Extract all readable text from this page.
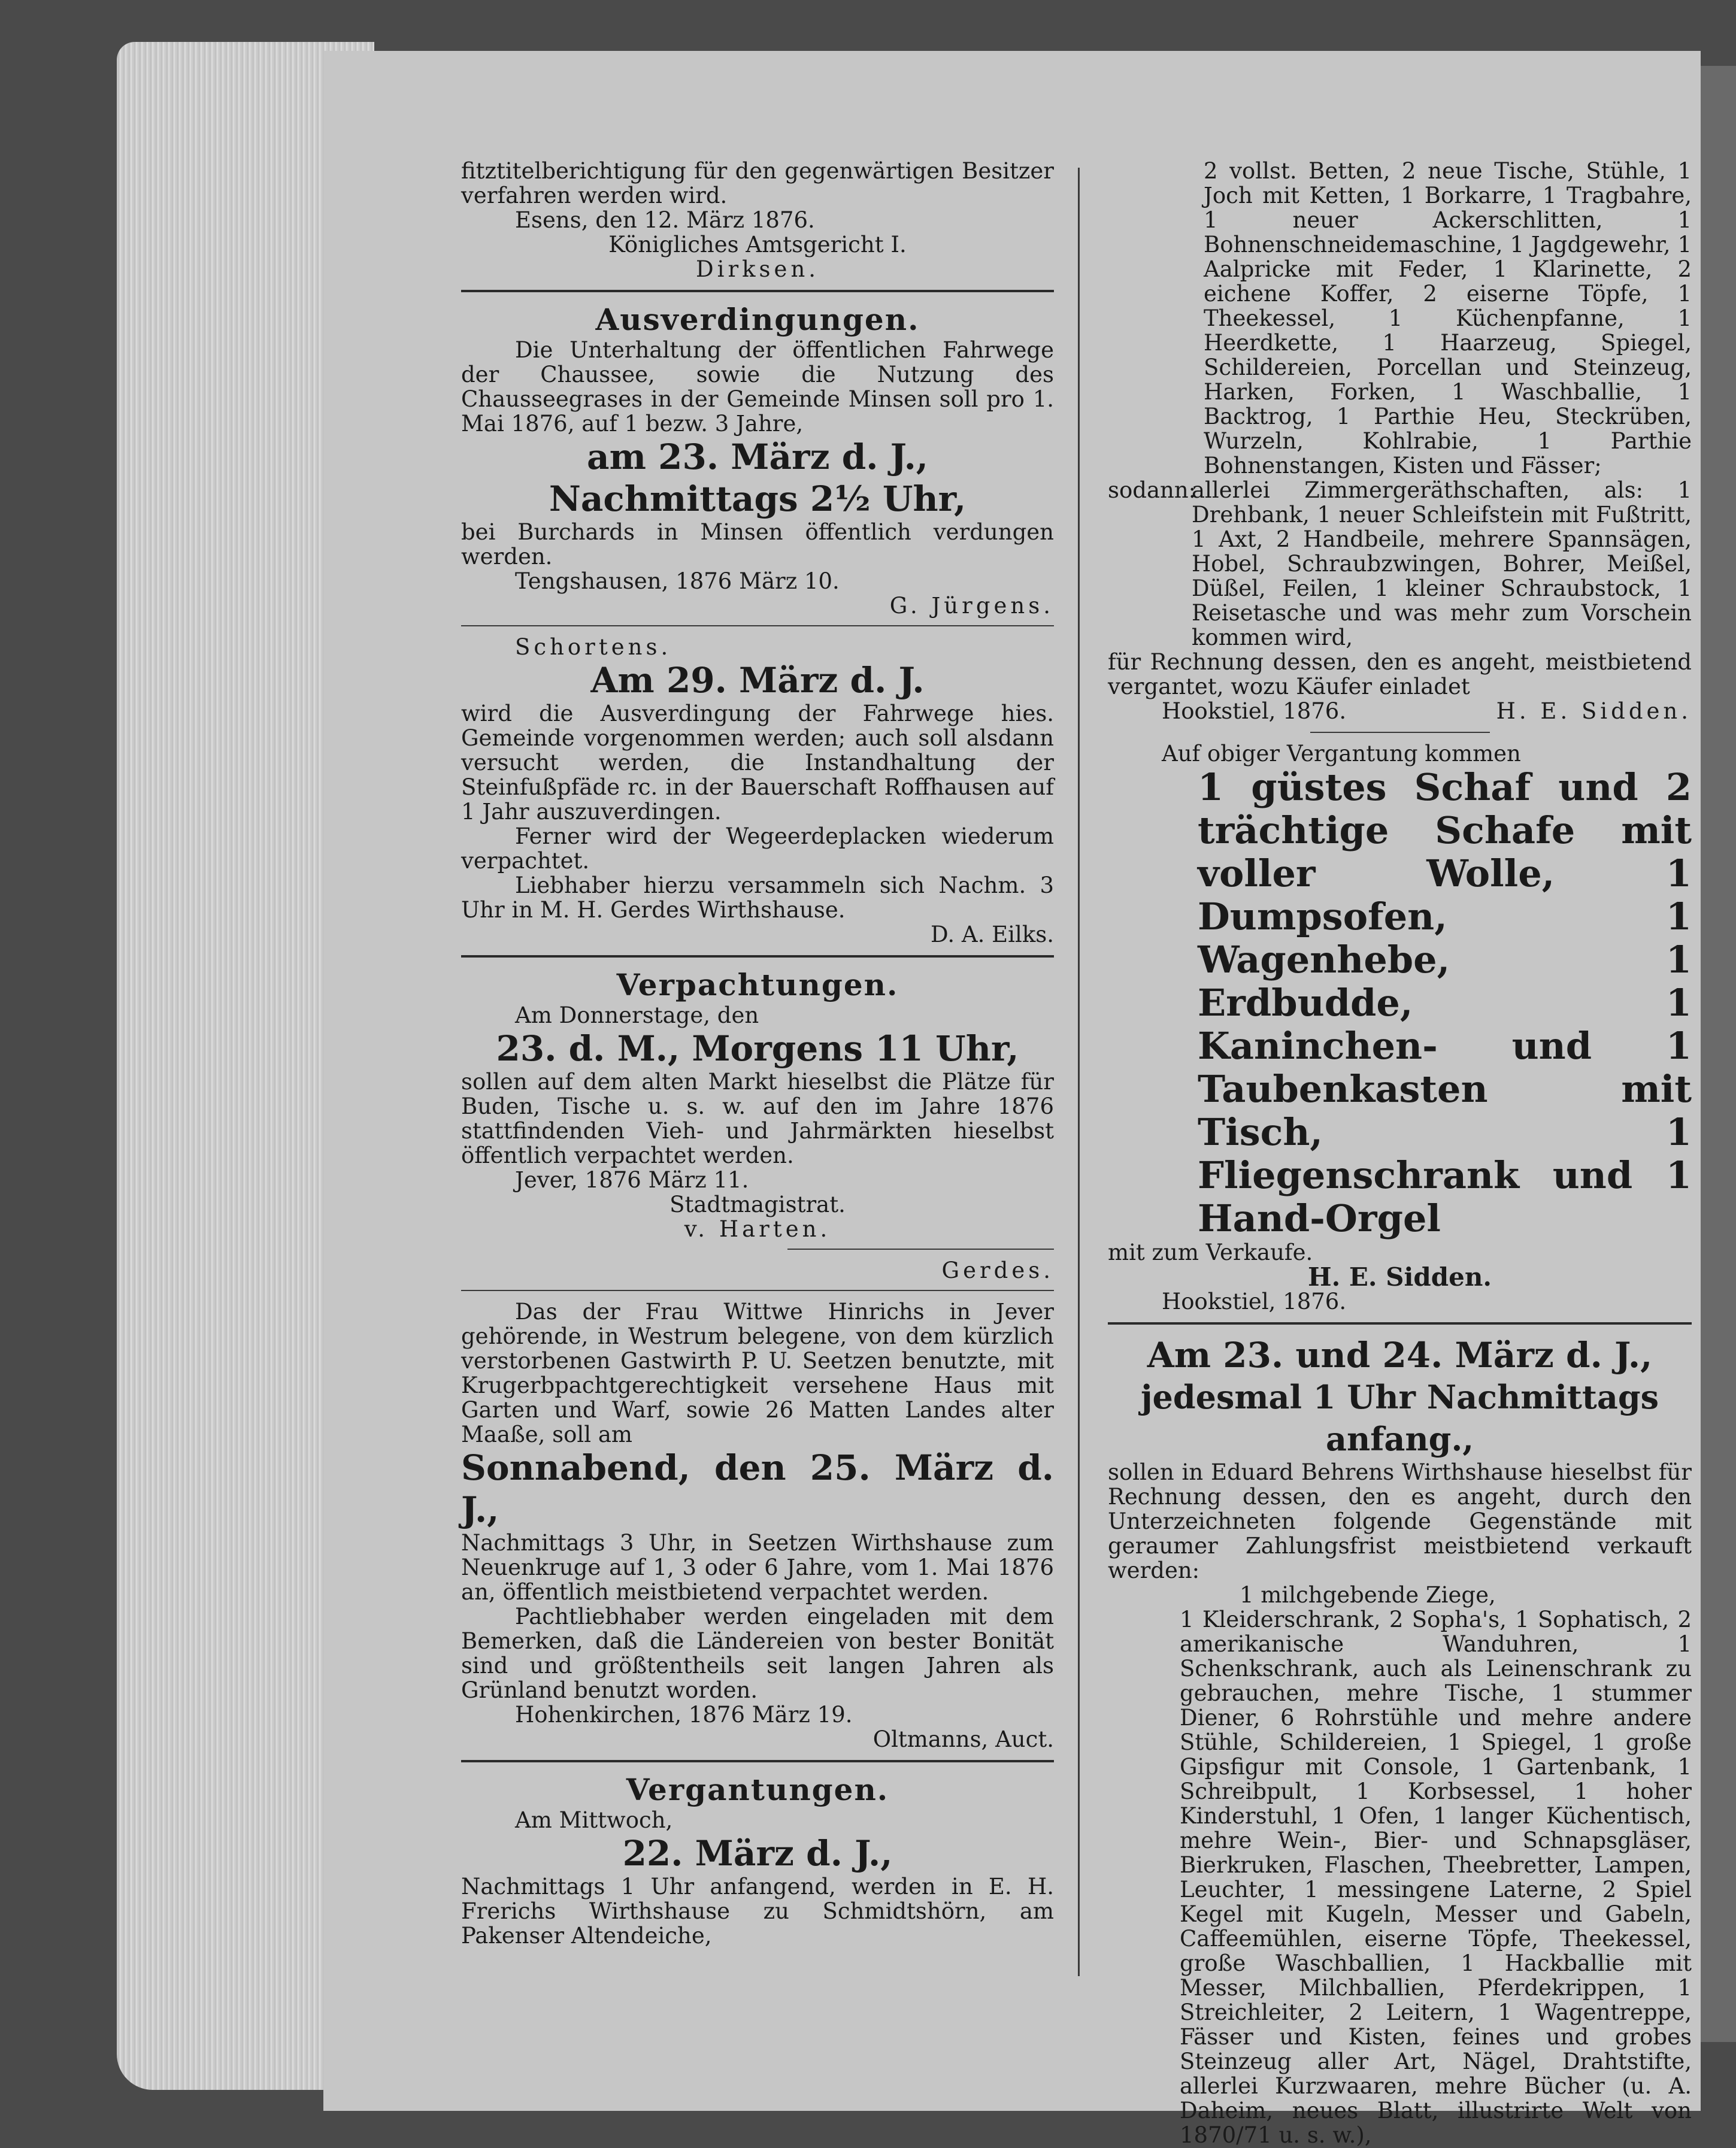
fitztitelberichtigung für den gegenwärtigen Besitzer verfahren werden wird.

Esens, den 12. März 1876.

Königliches Amtsgericht I.

Dirksen.

Ausverdingungen.

Die Unterhaltung der öffentlichen Fahrwege der Chaussee, sowie die Nutzung des Chausseegrases in der Gemeinde Minsen soll pro 1. Mai 1876, auf 1 bezw. 3 Jahre,

am 23. März d. J.,

Nachmittags 2½ Uhr,

bei Burchards in Minsen öffentlich verdungen werden.

Tengshausen, 1876 März 10.

G. Jürgens.

Schortens.

Am 29. März d. J.

wird die Ausverdingung der Fahrwege hies. Gemeinde vorgenommen werden; auch soll alsdann versucht werden, die Instandhaltung der Steinfußpfäde rc. in der Bauerschaft Roffhausen auf 1 Jahr auszuverdingen.

Ferner wird der Wegeerdeplacken wiederum verpachtet.

Liebhaber hierzu versammeln sich Nachm. 3 Uhr in M. H. Gerdes Wirthshause.

D. A. Eilks.

Verpachtungen.

Am Donnerstage, den

23. d. M., Morgens 11 Uhr,

sollen auf dem alten Markt hieselbst die Plätze für Buden, Tische u. s. w. auf den im Jahre 1876 stattfindenden Vieh- und Jahrmärkten hieselbst öffentlich verpachtet werden.

Jever, 1876 März 11.

Stadtmagistrat.

v. Harten.

Gerdes.

Das der Frau Wittwe Hinrichs in Jever gehörende, in Westrum belegene, von dem kürzlich verstorbenen Gastwirth P. U. Seetzen benutzte, mit Krugerbpachtgerechtigkeit versehene Haus mit Garten und Warf, sowie 26 Matten Landes alter Maaße, soll am

Sonnabend, den 25. März d. J.,

Nachmittags 3 Uhr, in Seetzen Wirthshause zum Neuenkruge auf 1, 3 oder 6 Jahre, vom 1. Mai 1876 an, öffentlich meistbietend verpachtet werden.

Pachtliebhaber werden eingeladen mit dem Bemerken, daß die Ländereien von bester Bonität sind und größtentheils seit langen Jahren als Grünland benutzt worden.

Hohenkirchen, 1876 März 19.

Oltmanns, Auct.

Vergantungen.

Am Mittwoch,

22. März d. J.,

Nachmittags 1 Uhr anfangend, werden in E. H. Frerichs Wirthshause zu Schmidtshörn, am Pakenser Altendeiche,

2 vollst. Betten, 2 neue Tische, Stühle, 1 Joch mit Ketten, 1 Borkarre, 1 Tragbahre, 1 neuer Ackerschlitten, 1 Bohnenschneidemaschine, 1 Jagdgewehr, 1 Aalpricke mit Feder, 1 Klarinette, 2 eichene Koffer, 2 eiserne Töpfe, 1 Theekessel, 1 Küchenpfanne, 1 Heerdkette, 1 Haarzeug, Spiegel, Schildereien, Porcellan und Steinzeug, Harken, Forken, 1 Waschballie, 1 Backtrog, 1 Parthie Heu, Steckrüben, Wurzeln, Kohlrabie, 1 Parthie Bohnenstangen, Kisten und Fässer;

sodann:
allerlei Zimmergeräthschaften, als: 1 Drehbank, 1 neuer Schleifstein mit Fußtritt, 1 Axt, 2 Handbeile, mehrere Spannsägen, Hobel, Schraubzwingen, Bohrer, Meißel, Düßel, Feilen, 1 kleiner Schraubstock, 1 Reisetasche und was mehr zum Vorschein kommen wird,

für Rechnung dessen, den es angeht, meistbietend vergantet, wozu Käufer einladet

Hookstiel, 1876.	H. E. Sidden.

Auf obiger Vergantung kommen

1 güstes Schaf und 2 trächtige Schafe mit voller Wolle, 1 Dumpsofen, 1 Wagenhebe, 1 Erdbudde, 1 Kaninchen- und 1 Taubenkasten mit Tisch, 1 Fliegenschrank und 1 Hand-Orgel

mit zum Verkaufe.

H. E. Sidden.

Hookstiel, 1876.

Am 23. und 24. März d. J.,

jedesmal 1 Uhr Nachmittags anfang.,

sollen in Eduard Behrens Wirthshause hieselbst für Rechnung dessen, den es angeht, durch den Unterzeichneten folgende Gegenstände mit geraumer Zahlungsfrist meistbietend verkauft werden:

1 milchgebende Ziege,

1 Kleiderschrank, 2 Sopha's, 1 Sophatisch, 2 amerikanische Wanduhren, 1 Schenkschrank, auch als Leinenschrank zu gebrauchen, mehre Tische, 1 stummer Diener, 6 Rohrstühle und mehre andere Stühle, Schildereien, 1 Spiegel, 1 große Gipsfigur mit Console, 1 Gartenbank, 1 Schreibpult, 1 Korbsessel, 1 hoher Kinderstuhl, 1 Ofen, 1 langer Küchentisch, mehre Wein-, Bier- und Schnapsgläser, Bierkruken, Flaschen, Theebretter, Lampen, Leuchter, 1 messingene Laterne, 2 Spiel Kegel mit Kugeln, Messer und Gabeln, Caffeemühlen, eiserne Töpfe, Theekessel, große Waschballien, 1 Hackballie mit Messer, Milchballien, Pferdekrippen, 1 Streichleiter, 2 Leitern, 1 Wagentreppe, Fässer und Kisten, feines und grobes Steinzeug aller Art, Nägel, Drahtstifte, allerlei Kurzwaaren, mehre Bücher (u. A. Daheim, neues Blatt, illustrirte Welt von 1870/71 u. s. w.),
